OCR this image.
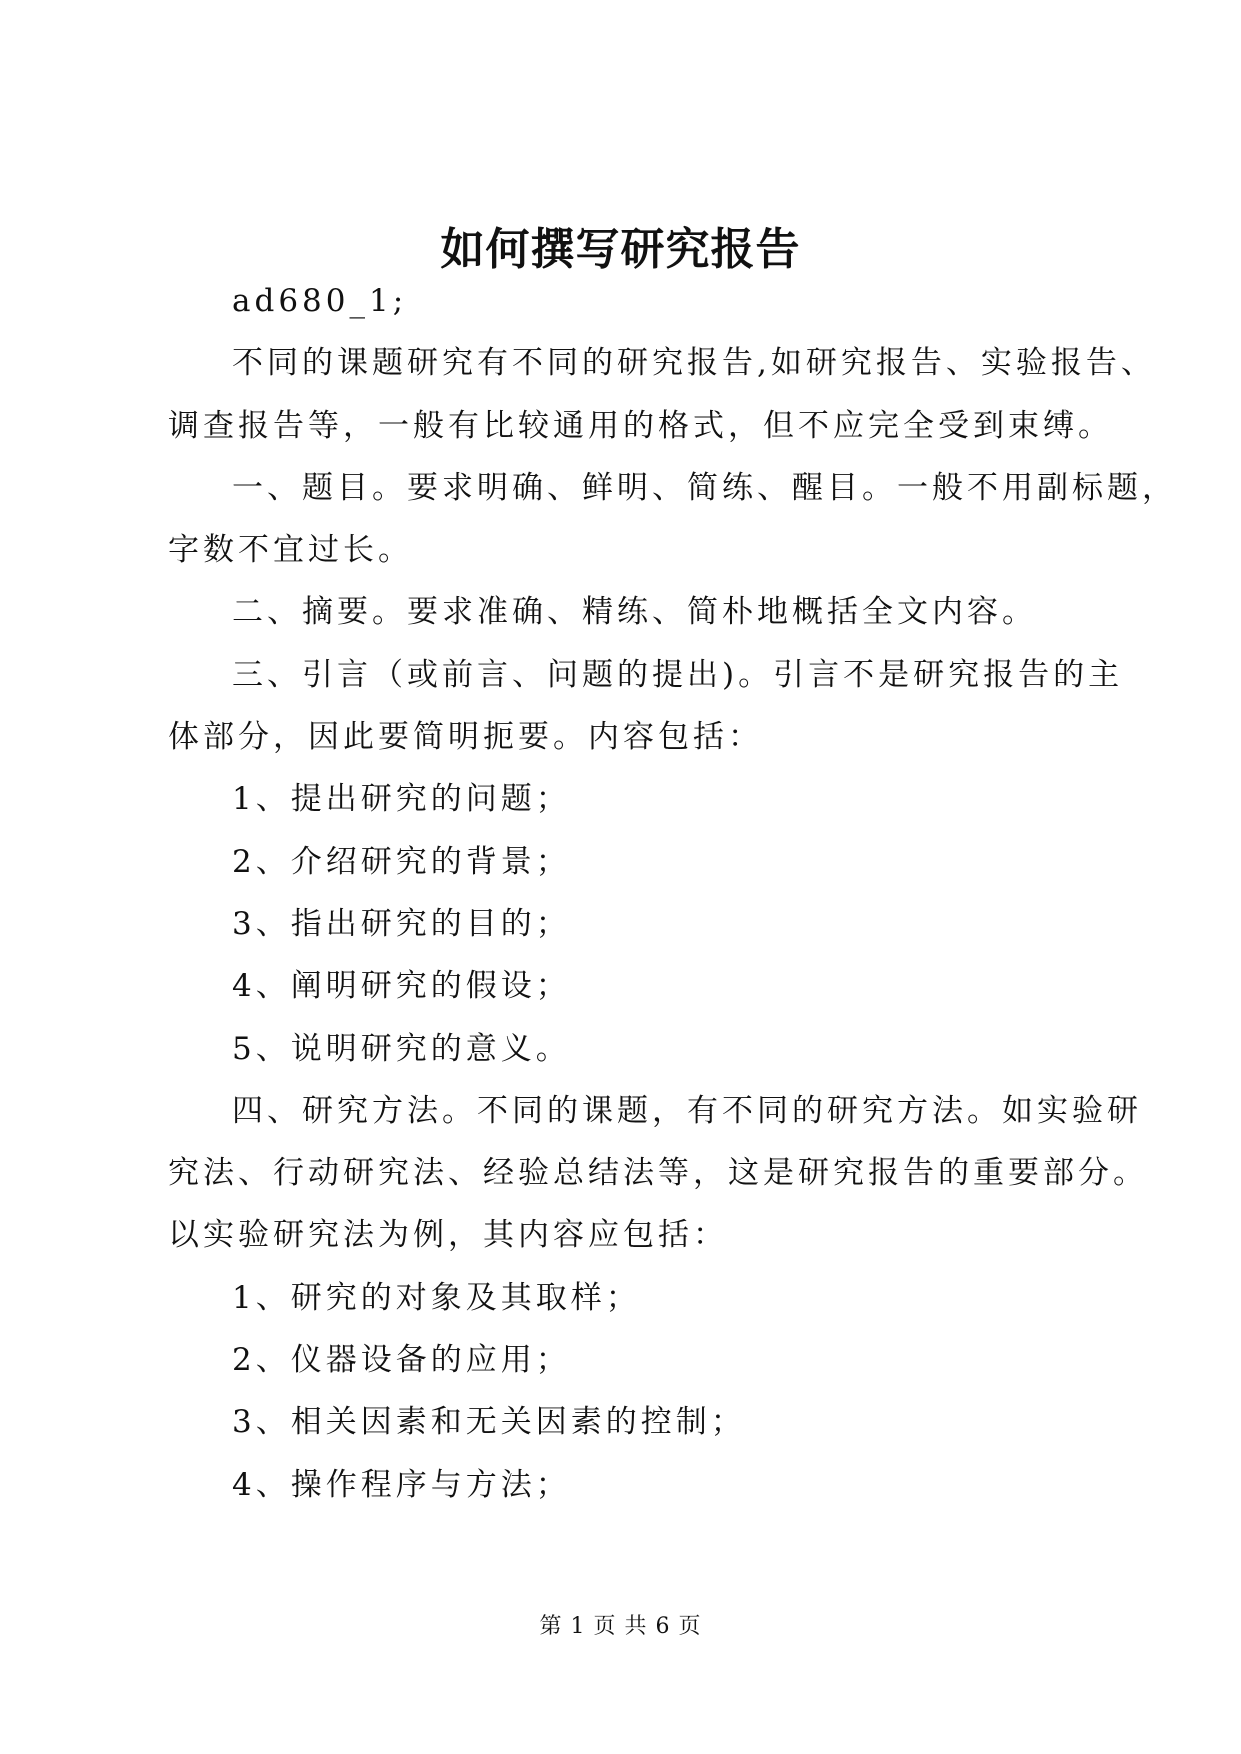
如何撰写研究报告
ad680_1;
不同的课题研究有不同的研究报告,如研究报告、实验报告、
调查报告等，一般有比较通用的格式，但不应完全受到束缚。
一、题目。要求明确、鲜明、简练、醒目。一般不用副标题，
字数不宜过长。
二、摘要。要求准确、精练、简朴地概括全文内容。
三、引言（或前言、问题的提出)。引言不是研究报告的主
体部分，因此要简明扼要。内容包括：
1、提出研究的问题；
2、介绍研究的背景；
3、指出研究的目的；
4、阐明研究的假设；
5、说明研究的意义。
四、研究方法。不同的课题，有不同的研究方法。如实验研
究法、行动研究法、经验总结法等，这是研究报告的重要部分。
以实验研究法为例，其内容应包括：
1、研究的对象及其取样；
2、仪器设备的应用；
3、相关因素和无关因素的控制；
4、操作程序与方法；
第 1 页 共 6 页
